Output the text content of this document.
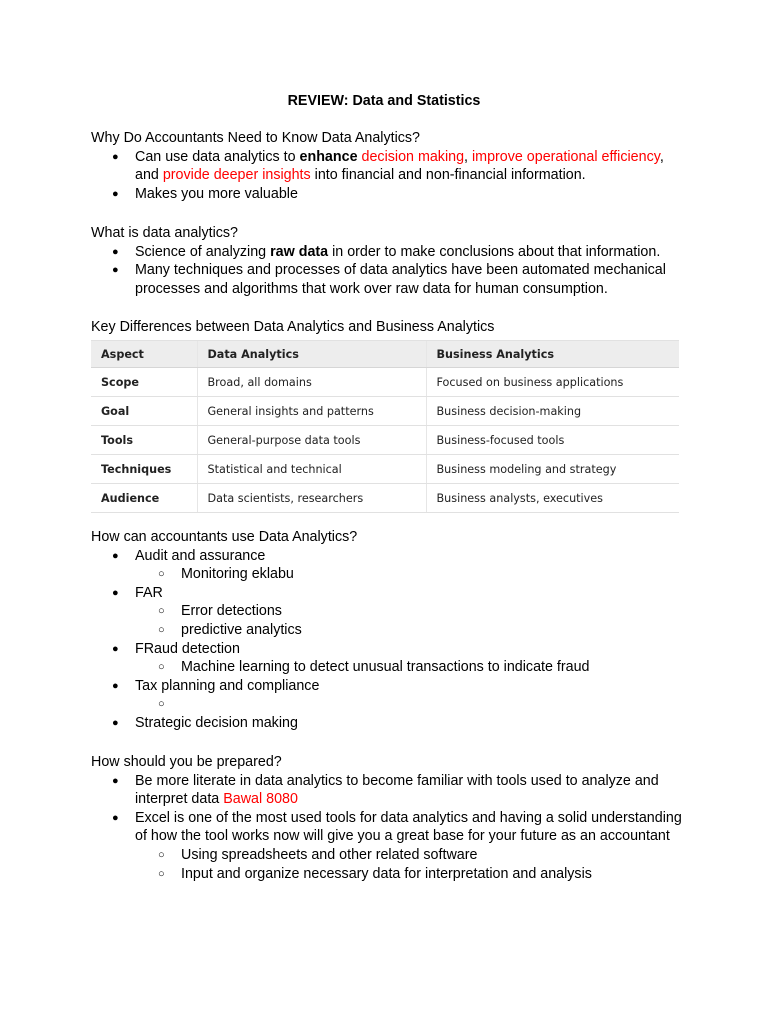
REVIEW: Data and Statistics

Why Do Accountants Need to Know Data Analytics?

● Can use data analytics to enhance decision making, improve operational efficiency, and provide deeper insights into financial and non-financial information.
● Makes you more valuable

What is data analytics?

● Science of analyzing raw data in order to make conclusions about that information.
● Many techniques and processes of data analytics have been automated mechanical processes and algorithms that work over raw data for human consumption.

Key Differences between Data Analytics and Business Analytics

Aspect	Data Analytics	Business Analytics
Scope	Broad, all domains	Focused on business applications
Goal	General insights and patterns	Business decision-making
Tools	General-purpose data tools	Business-focused tools
Techniques	Statistical and technical	Business modeling and strategy
Audience	Data scientists, researchers	Business analysts, executives

How can accountants use Data Analytics?

● Audit and assurance
○ Monitoring eklabu
● FAR
○ Error detections
○ predictive analytics
● FRaud detection
○ Machine learning to detect unusual transactions to indicate fraud
● Tax planning and compliance
○
● Strategic decision making

How should you be prepared?

● Be more literate in data analytics to become familiar with tools used to analyze and interpret data Bawal 8080
● Excel is one of the most used tools for data analytics and having a solid understanding of how the tool works now will give you a great base for your future as an accountant
○ Using spreadsheets and other related software
○ Input and organize necessary data for interpretation and analysis
